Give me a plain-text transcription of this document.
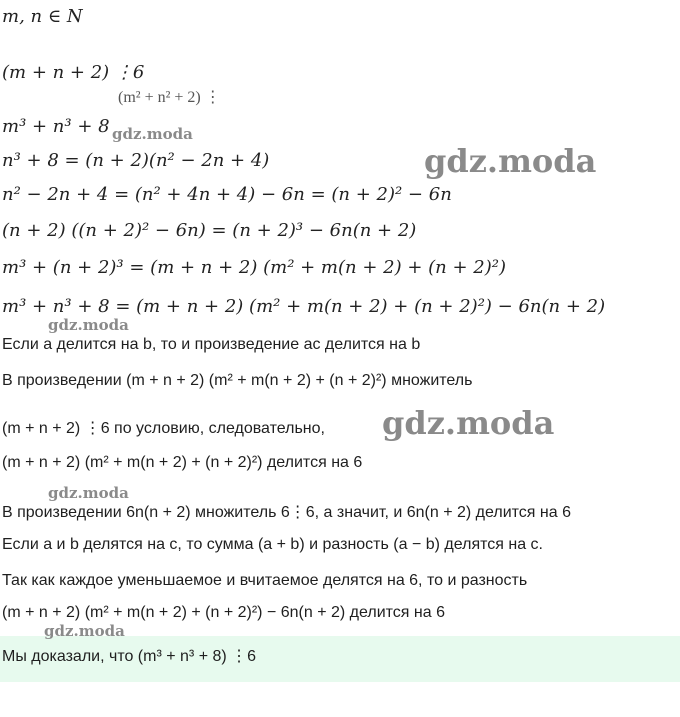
m, n ∈ N
(m + n + 2) ⋮6
(m² + n² + 2) ⋮
m³ + n³ + 8
n³ + 8 = (n + 2)(n² − 2n + 4)
n² − 2n + 4 = (n² + 4n + 4) − 6n = (n + 2)² − 6n
(n + 2) ((n + 2)² − 6n) = (n + 2)³ − 6n(n + 2)
m³ + (n + 2)³ = (m + n + 2) (m² + m(n + 2) + (n + 2)²)
m³ + n³ + 8 = (m + n + 2) (m² + m(n + 2) + (n + 2)²) − 6n(n + 2)
Если a делится на b, то и произведение ac делится на b
В произведении (m + n + 2) (m² + m(n + 2) + (n + 2)²) множитель
(m + n + 2) ⋮6 по условию, следовательно,
(m + n + 2) (m² + m(n + 2) + (n + 2)²) делится на 6
В произведении 6n(n + 2) множитель 6⋮6, а значит, и 6n(n + 2) делится на 6
Если a и b делятся на c, то сумма (a + b) и разность (a − b) делятся на c.
Так как каждое уменьшаемое и вчитаемое делятся на 6, то и разность
(m + n + 2) (m² + m(n + 2) + (n + 2)²) − 6n(n + 2) делится на 6
Мы доказали, что (m³ + n³ + 8) ⋮6
gdz.moda
gdz.moda
gdz.moda
gdz.moda
gdz.moda
gdz.moda
